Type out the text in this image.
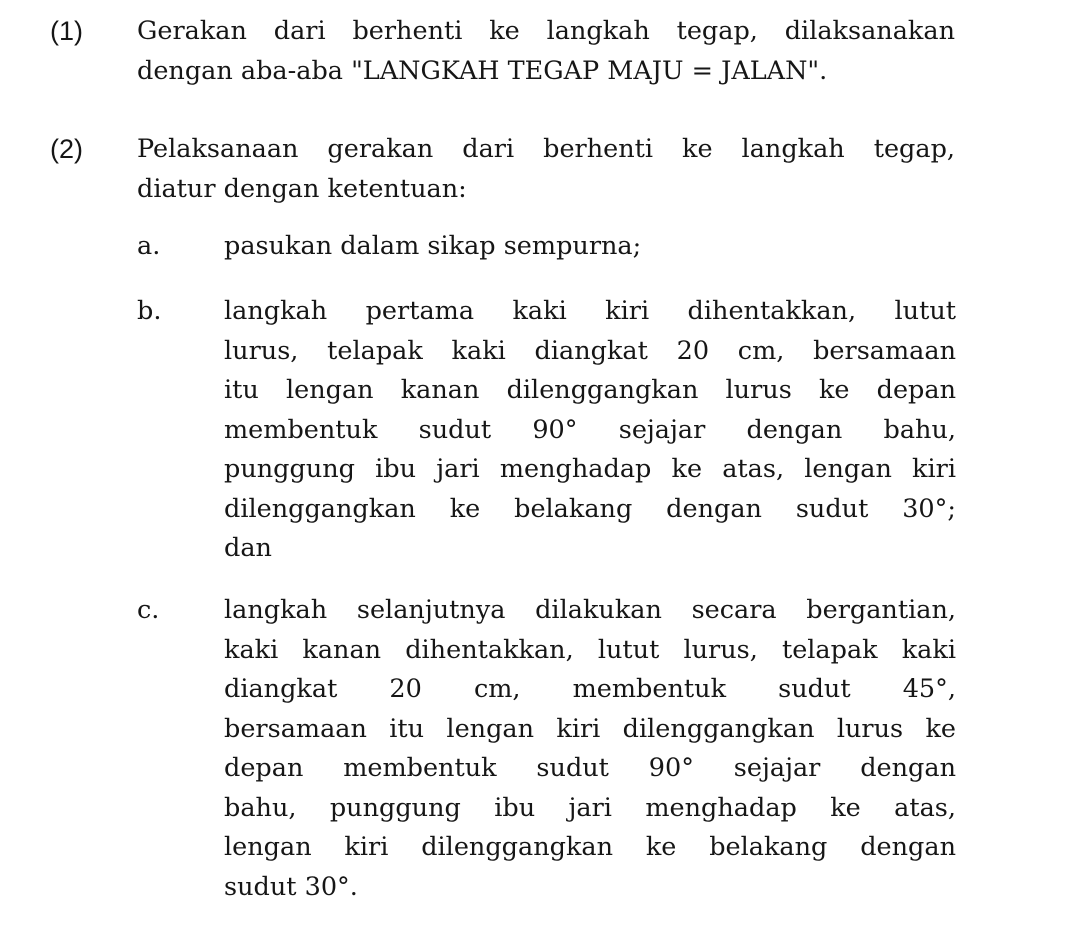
(1) Gerakan dari berhenti ke langkah tegap, dilaksanakan
dengan aba-aba "LANGKAH TEGAP MAJU = JALAN".
(2) Pelaksanaan gerakan dari berhenti ke langkah tegap,
diatur dengan ketentuan:
a. pasukan dalam sikap sempurna;
b. langkah pertama kaki kiri dihentakkan, lutut
lurus, telapak kaki diangkat 20 cm, bersamaan
itu lengan kanan dilenggangkan lurus ke depan
membentuk sudut 90° sejajar dengan bahu,
punggung ibu jari menghadap ke atas, lengan kiri
dilenggangkan ke belakang dengan sudut 30°;
dan
c.	langkah selanjutnya dilakukan secara bergantian,
kaki kanan dihentakkan, lutut lurus, telapak kaki
diangkat 20 cm, membentuk sudut 45°,
bersamaan itu lengan kiri dilenggangkan lurus ke
depan membentuk sudut 90° sejajar dengan
bahu, punggung ibu jari menghadap ke atas,
lengan kiri dilenggangkan ke belakang dengan
sudut 30°.
